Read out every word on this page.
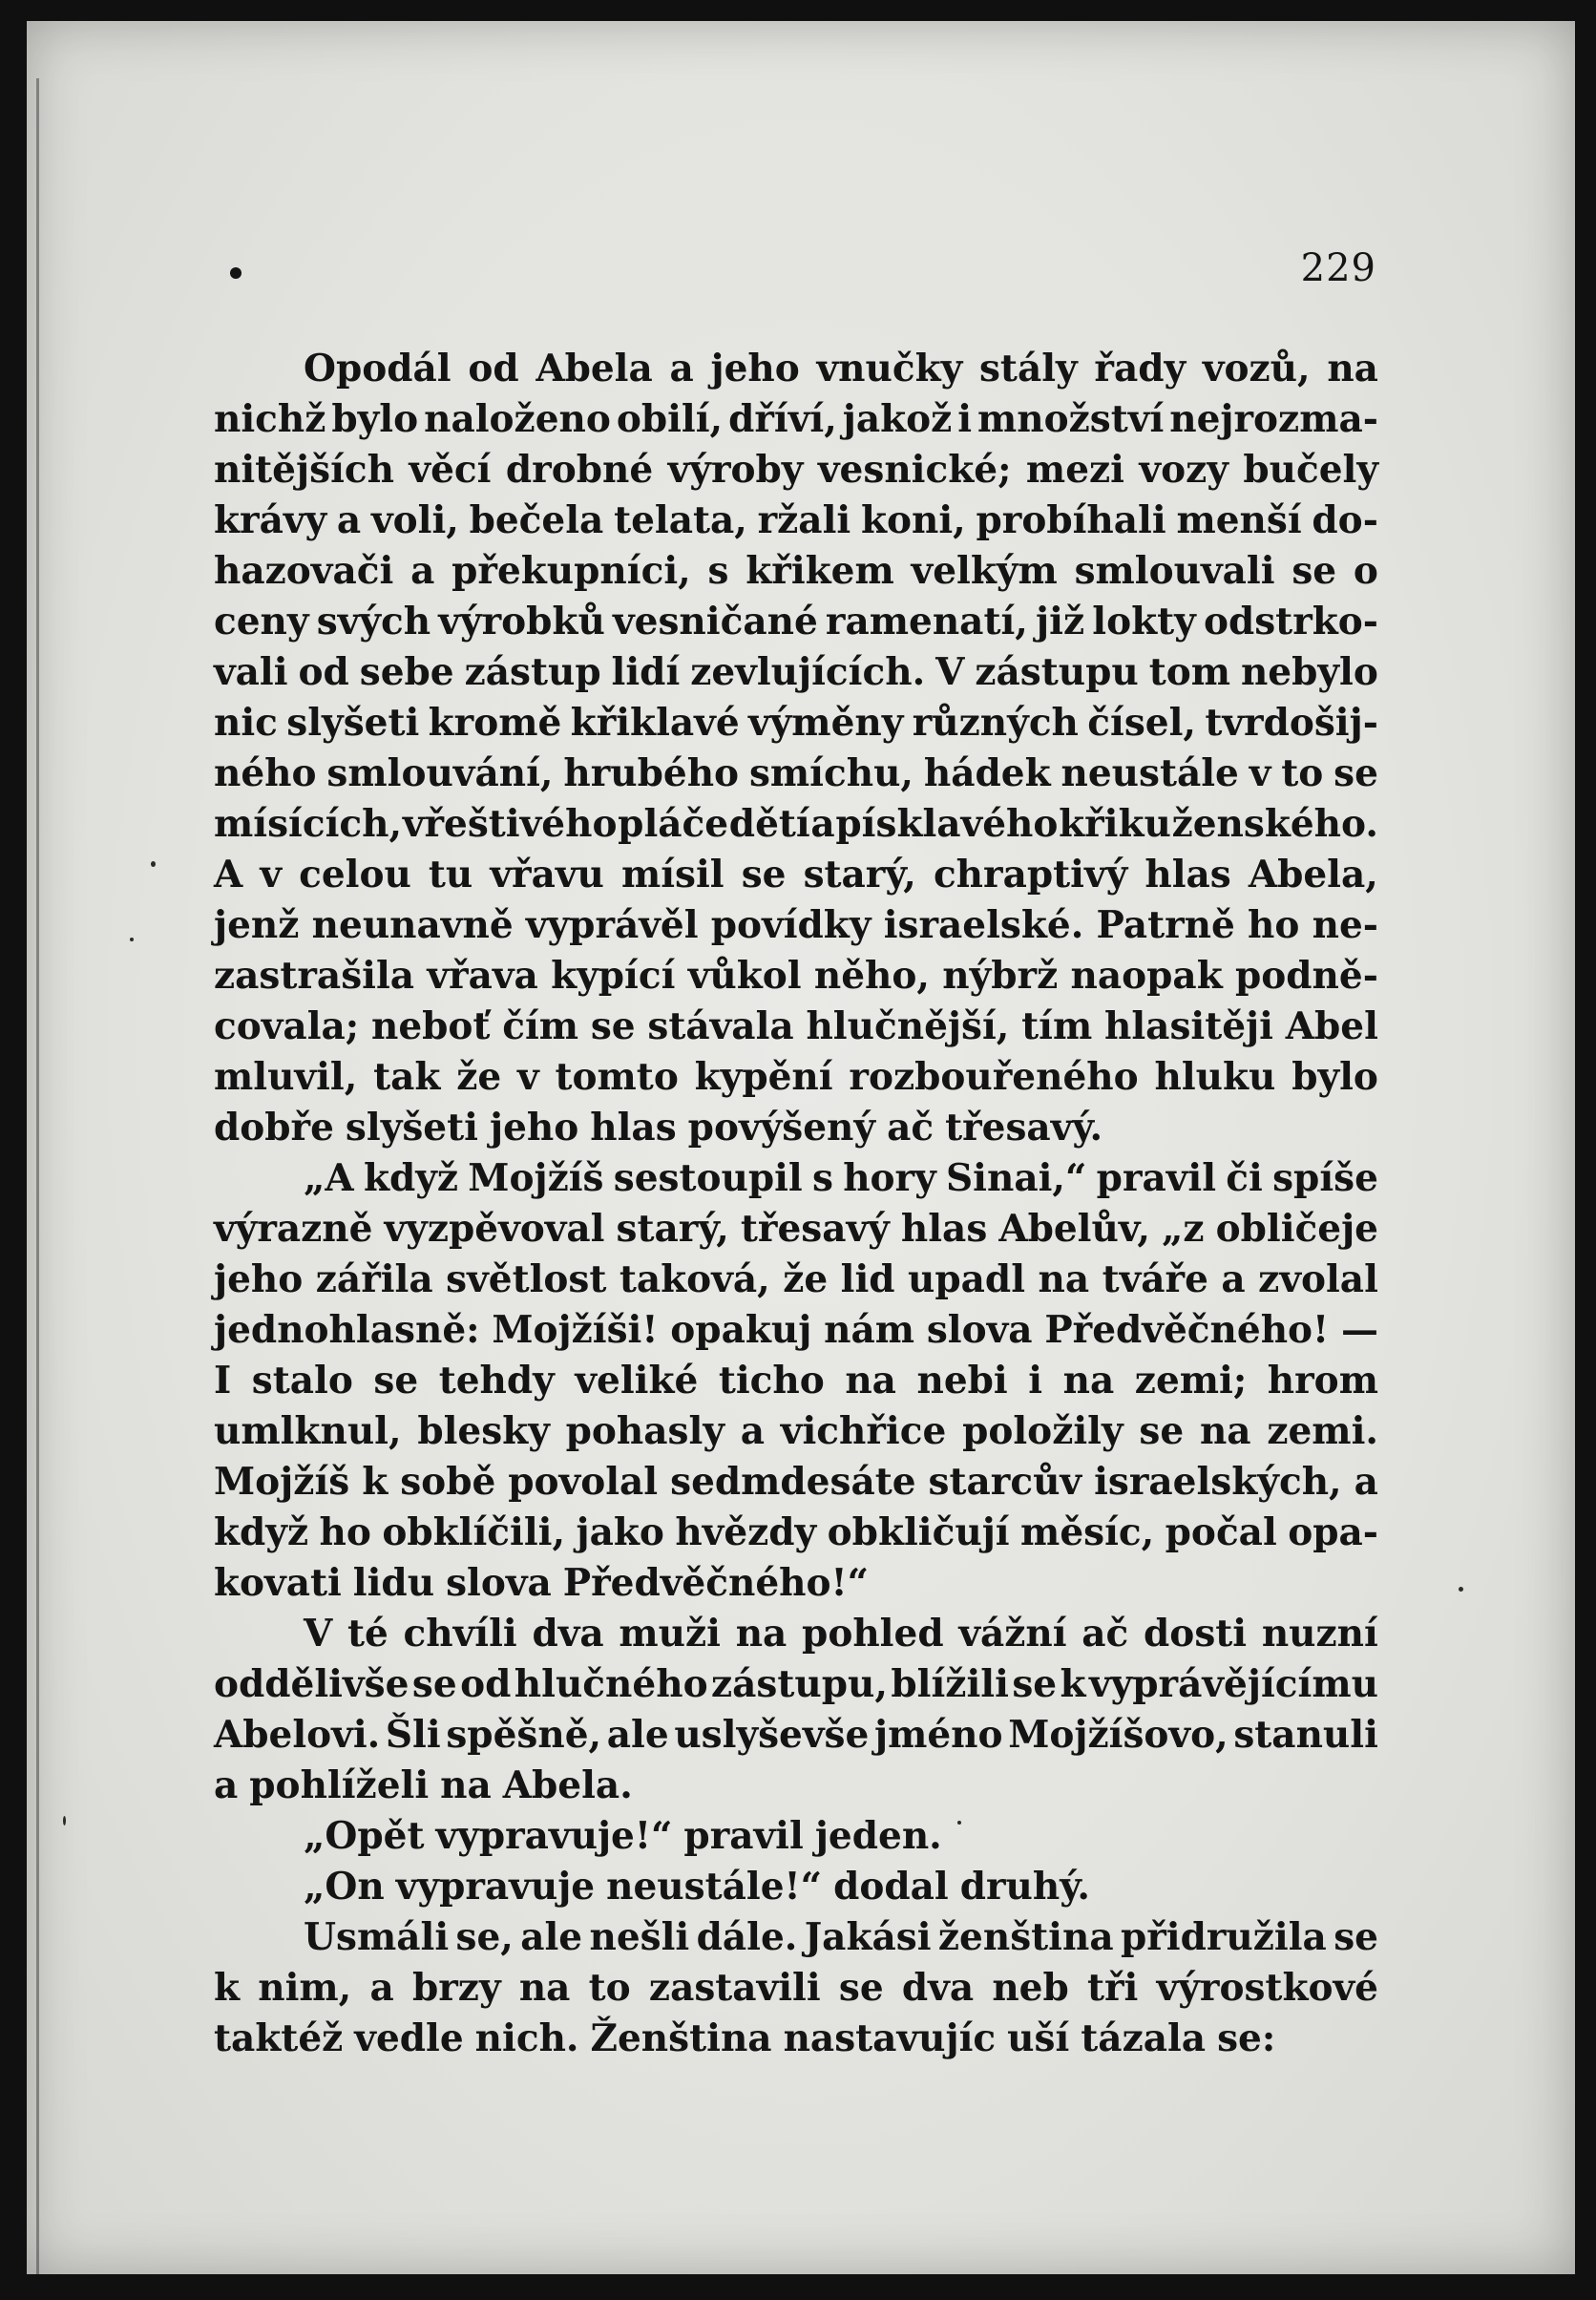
229
Opodál od Abela a jeho vnučky stály řady vozů, na
nichž bylo naloženo obilí, dříví, jakož i množství nejrozma-
nitějších věcí drobné výroby vesnické; mezi vozy bučely
krávy a voli, bečela telata, ržali koni, probíhali menší do-
hazovači a překupníci, s křikem velkým smlouvali se o
ceny svých výrobků vesničané ramenatí, již lokty odstrko-
vali od sebe zástup lidí zevlujících. V zástupu tom nebylo
nic slyšeti kromě křiklavé výměny různých čísel, tvrdošij-
ného smlouvání, hrubého smíchu, hádek neustále v to se
mísících, vřeštivého pláče dětí a písklavého křiku ženského.
A v celou tu vřavu mísil se starý, chraptivý hlas Abela,
jenž neunavně vyprávěl povídky israelské. Patrně ho ne-
zastrašila vřava kypící vůkol něho, nýbrž naopak podně-
covala; neboť čím se stávala hlučnější, tím hlasitěji Abel
mluvil, tak že v tomto kypění rozbouřeného hluku bylo
dobře slyšeti jeho hlas povýšený ač třesavý.
„A když Mojžíš sestoupil s hory Sinai,“ pravil či spíše
výrazně vyzpěvoval starý, třesavý hlas Abelův, „z obličeje
jeho zářila světlost taková, že lid upadl na tváře a zvolal
jednohlasně: Mojžíši! opakuj nám slova Předvěčného! —
I stalo se tehdy veliké ticho na nebi i na zemi; hrom
umlknul, blesky pohasly a vichřice položily se na zemi.
Mojžíš k sobě povolal sedmdesáte starcův israelských, a
když ho obklíčili, jako hvězdy obkličují měsíc, počal opa-
kovati lidu slova Předvěčného!“
V té chvíli dva muži na pohled vážní ač dosti nuzní
oddělivše se od hlučného zástupu, blížili se k vyprávějícímu
Abelovi. Šli spěšně, ale uslyševše jméno Mojžíšovo, stanuli
a pohlíželi na Abela.
„Opět vypravuje!“ pravil jeden.
„On vypravuje neustále!“ dodal druhý.
Usmáli se, ale nešli dále. Jakási ženština přidružila se
k nim, a brzy na to zastavili se dva neb tři výrostkové
taktéž vedle nich. Ženština nastavujíc uší tázala se:
